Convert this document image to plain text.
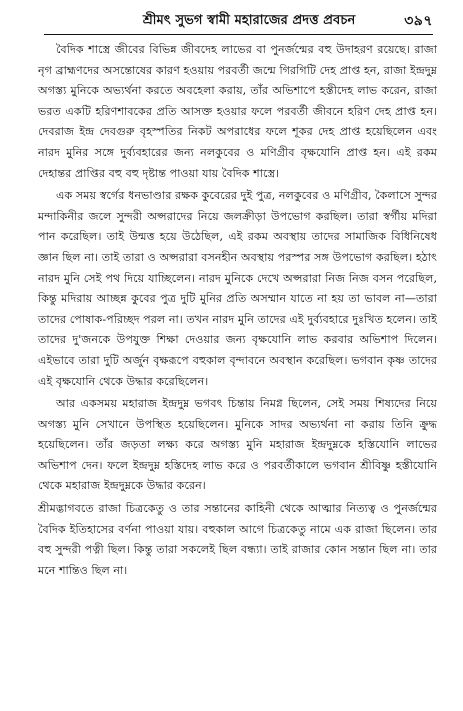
শ্রীমৎ সুভগ স্বামী মহারাজের প্রদত্ত প্রবচন	৩৯৭

বৈদিক শাস্ত্রে জীবের বিভিন্ন জীবদেহ লাভের বা পুনর্জন্মের বহু উদাহরণ রয়েছে। রাজা নৃগ ব্রাহ্মণদের অসন্তোষের কারণ হওয়ায় পরবর্তী জন্মে গিরগিটি দেহ প্রাপ্ত হন, রাজা ইন্দ্রদুম্ন অগস্ত্য মুনিকে অভ্যর্থনা করতে অবহেলা করায়, তাঁর অভিশাপে হস্তীদেহ লাভ করেন, রাজা ভরত একটি হরিণশাবকের প্রতি আসক্ত হওয়ার ফলে পরবর্তী জীবনে হরিণ দেহ প্রাপ্ত হন। দেবরাজ ইন্দ্র দেবগুরু বৃহস্পতির নিকট অপরাধের ফলে শূকর দেহ প্রাপ্ত হয়েছিলেন এবং নারদ মুনির সঙ্গে দুর্ব্যবহারের জন্য নলকুবের ও মণিগ্রীব বৃক্ষযোনি প্রাপ্ত হন। এই রকম দেহান্তর প্রাপ্তির বহু বহু দৃষ্টান্ত পাওয়া যায় বৈদিক শাস্ত্রে।

এক সময় স্বর্গের ধনভাণ্ডার রক্ষক কুবেরের দুই পুত্র, নলকুবের ও মণিগ্রীব, কৈলাসে সুন্দর মন্দাকিনীর জলে সুন্দরী অপ্সরাদের নিয়ে জলক্রীড়া উপভোগ করছিল। তারা স্বর্গীয় মদিরা পান করেছিল। তাই উন্মত্ত হয়ে উঠেছিল, এই রকম অবস্থায় তাদের সামাজিক বিধিনিষেধ জ্ঞান ছিল না। তাই তারা ও অপ্সরারা বসনহীন অবস্থায় পরস্পর সঙ্গ উপভোগ করছিল। হঠাৎ নারদ মুনি সেই পথ দিয়ে যাচ্ছিলেন। নারদ মুনিকে দেখে অপ্সরারা নিজ নিজ বসন পরেছিল, কিন্তু মদিরায় আচ্ছন্ন কুবের পুত্র দুটি মুনির প্রতি অসম্মান যাতে না হয় তা ভাবল না—তারা তাদের পোষাক-পরিচ্ছদ পরল না। তখন নারদ মুনি তাদের এই দুর্ব্যবহারে দুঃখিত হলেন। তাই তাদের দু'জনকে উপযুক্ত শিক্ষা দেওয়ার জন্য বৃক্ষযোনি লাভ করবার অভিশাপ দিলেন। এইভাবে তারা দুটি অর্জুন বৃক্ষরূপে বহুকাল বৃন্দাবনে অবস্থান করেছিল। ভগবান কৃষ্ণ তাদের এই বৃক্ষযোনি থেকে উদ্ধার করেছিলেন।

আর একসময় মহারাজ ইন্দ্রদুম্ন ভগবৎ চিন্তায় নিমগ্ন ছিলেন, সেই সময় শিষ্যদের নিয়ে অগস্ত্য মুনি সেখানে উপস্থিত হয়েছিলেন। মুনিকে সাদর অভ্যর্থনা না করায় তিনি ক্রুদ্ধ হয়েছিলেন। তাঁর জড়তা লক্ষ্য করে অগস্ত্য মুনি মহারাজ ইন্দ্রদুম্নকে হস্তিযোনি লাভের অভিশাপ দেন। ফলে ইন্দ্রদুম্ন হস্তিদেহ লাভ করে ও পরবর্তীকালে ভগবান শ্রীবিষ্ণু হস্তীযোনি থেকে মহারাজ ইন্দ্রদুম্নকে উদ্ধার করেন।

শ্রীমদ্ভাগবতে রাজা চিত্রকেতু ও তার সন্তানের কাহিনী থেকে আত্মার নিত্যত্ব ও পুনর্জন্মের বৈদিক ইতিহাসের বর্ণনা পাওয়া যায়। বহুকাল আগে চিত্রকেতু নামে এক রাজা ছিলেন। তার বহু সুন্দরী পত্নী ছিল। কিন্তু তারা সকলেই ছিল বন্ধ্যা। তাই রাজার কোন সন্তান ছিল না। তার মনে শান্তিও ছিল না।
